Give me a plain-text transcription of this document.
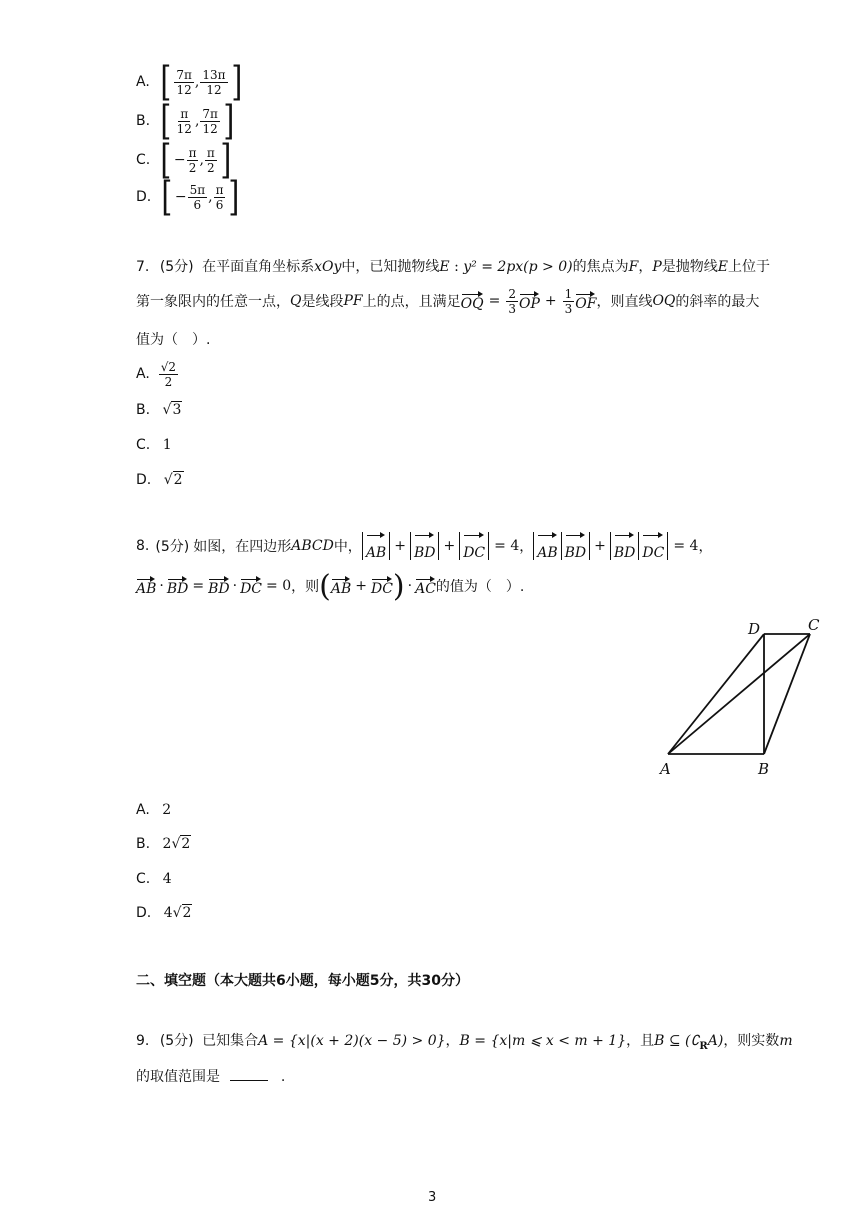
A. [ $\frac{7\pi}{12}$ , $\frac{13\pi}{12}$ ]
B. [ $\frac{\pi}{12}$ , $\frac{7\pi}{12}$ ]
C. [ − $\frac{\pi}{2}$ , $\frac{\pi}{2}$ ]
D. [ − $\frac{5\pi}{6}$ , $\frac{\pi}{6}$ ]
7. (5分) 在平面直角坐标系xOy中，已知抛物线E : y² = 2px(p > 0)的焦点为F，P是抛物线E上位于
第一象限内的任意一点， Q 是线段 PF 上的点，且满足 OQ = $\frac{2}{3}$ OP + $\frac{1}{3}$ OF ，则直线 OQ 的斜率的最大
值为（　）.
A. $\frac{√2}{2}$
B. √3
C. 1
D. √2
8. (5分) 如图，在四边形 ABCD 中， AB + BD + DC = 4 ， AB BD + BD DC = 4 ，
AB · BD = BD · DC = 0 ，则 ( AB + DC ) · AC 的值为（　）.
D	C
A	B
A. 2
B. 2√2
C. 4
D. 4√2
二、填空题（本大题共6小题，每小题5分，共30分）
9. (5分) 已知集合A = {x|(x + 2)(x − 5) > 0}，B = {x|m ⩽ x < m + 1}，且B ⊆ $(∁_RA)$，则实数m
的取值范围是	.
3
